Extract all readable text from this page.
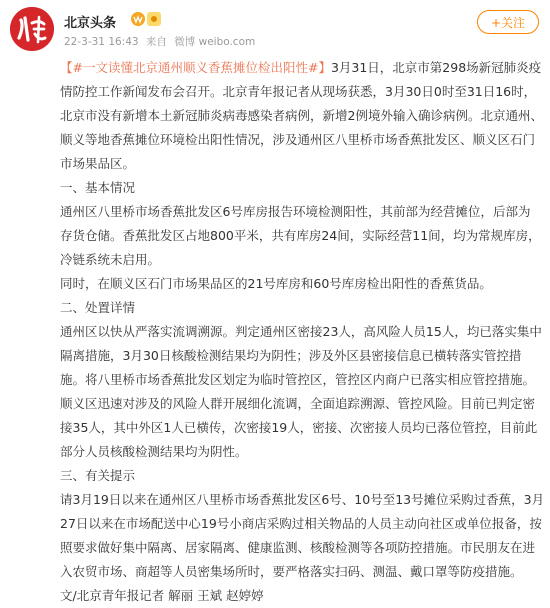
北京头条
22-3-31 16:43 来自 微博 weibo.com
+关注
【#一文读懂北京通州顺义香蕉摊位检出阳性#】3月31日，北京市第298场新冠肺炎疫
情防控工作新闻发布会召开。北京青年报记者从现场获悉，3月30日0时至31日16时，
北京市没有新增本土新冠肺炎病毒感染者病例，新增2例境外输入确诊病例。北京通州、
顺义等地香蕉摊位环境检出阳性情况，涉及通州区八里桥市场香蕉批发区、顺义区石门
市场果品区。
一、基本情况
通州区八里桥市场香蕉批发区6号库房报告环境检测阳性，其前部为经营摊位，后部为
存货仓储。香蕉批发区占地800平米，共有库房24间，实际经营11间，均为常规库房，
冷链系统未启用。
同时，在顺义区石门市场果品区的21号库房和60号库房检出阳性的香蕉货品。
二、处置详情
通州区以快从严落实流调溯源。判定通州区密接23人，高风险人员15人，均已落实集中
隔离措施，3月30日核酸检测结果均为阴性；涉及外区县密接信息已横转落实管控措
施。将八里桥市场香蕉批发区划定为临时管控区，管控区内商户已落实相应管控措施。
顺义区迅速对涉及的风险人群开展细化流调，全面追踪溯源、管控风险。目前已判定密
接35人，其中外区1人已横传，次密接19人，密接、次密接人员均已落位管控，目前此
部分人员核酸检测结果均为阴性。
三、有关提示
请3月19日以来在通州区八里桥市场香蕉批发区6号、10号至13号摊位采购过香蕉，3月
27日以来在市场配送中心19号小商店采购过相关物品的人员主动向社区或单位报备，按
照要求做好集中隔离、居家隔离、健康监测、核酸检测等各项防控措施。市民朋友在进
入农贸市场、商超等人员密集场所时，要严格落实扫码、测温、戴口罩等防疫措施。
文/北京青年报记者 解丽 王斌 赵婷婷
